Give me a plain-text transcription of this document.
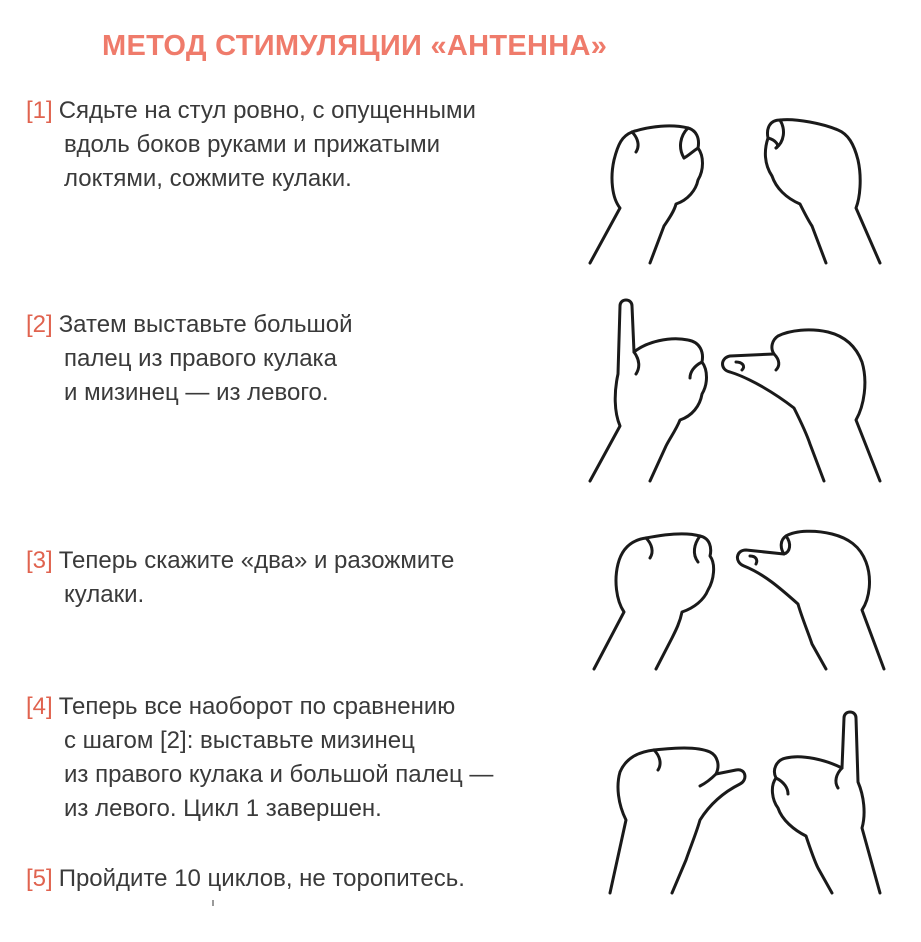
МЕТОД СТИМУЛЯЦИИ «АНТЕННА»
[1] Сядьте на стул ровно, с опущенными
вдоль боков руками и прижатыми
локтями, сожмите кулаки.
[2] Затем выставьте большой
палец из правого кулака
и мизинец — из левого.
[3] Теперь скажите «два» и разожмите
кулаки.
[4] Теперь все наоборот по сравнению
с шагом [2]: выставьте мизинец
из правого кулака и большой палец —
из левого. Цикл 1 завершен.
[5] Пройдите 10 циклов, не торопитесь.
